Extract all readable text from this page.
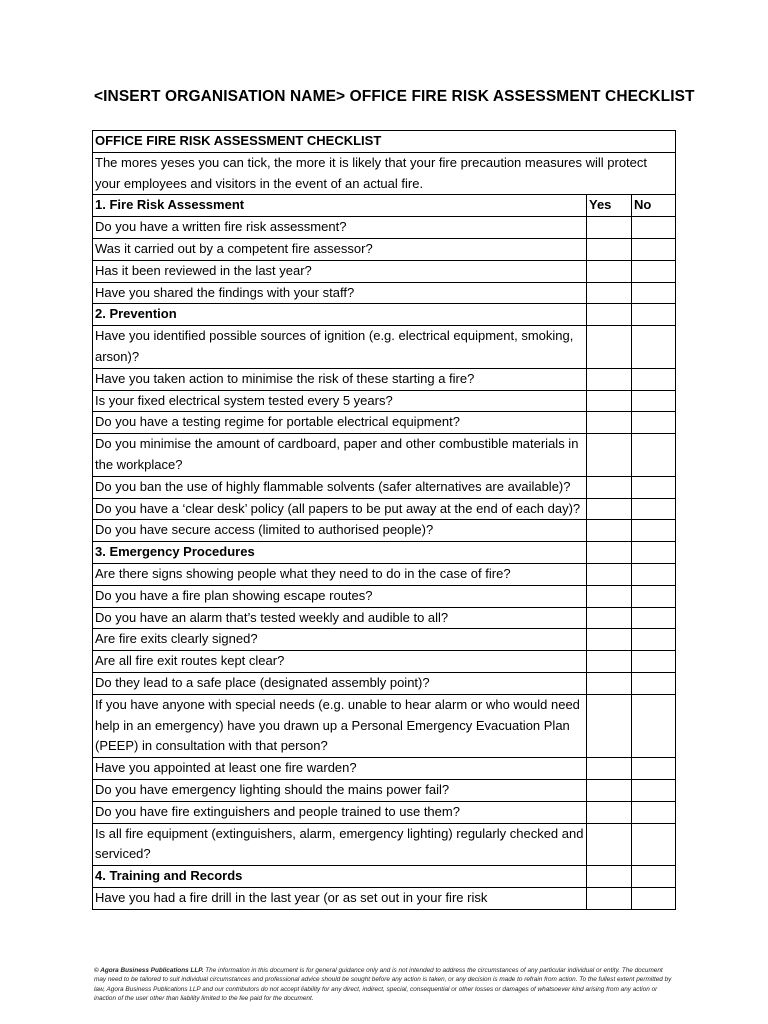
<INSERT ORGANISATION NAME> OFFICE FIRE RISK ASSESSMENT CHECKLIST
OFFICE FIRE RISK ASSESSMENT CHECKLIST		
The mores yeses you can tick, the more it is likely that your fire precaution measures will protect your employees and visitors in the event of an actual fire.		
1. Fire Risk Assessment	Yes	No
Do you have a written fire risk assessment?		
Was it carried out by a competent fire assessor?		
Has it been reviewed in the last year?		
Have you shared the findings with your staff?		
2. Prevention		
Have you identified possible sources of ignition (e.g. electrical equipment, smoking, arson)?		
Have you taken action to minimise the risk of these starting a fire?		
Is your fixed electrical system tested every 5 years?		
Do you have a testing regime for portable electrical equipment?		
Do you minimise the amount of cardboard, paper and other combustible materials in the workplace?		
Do you ban the use of highly flammable solvents (safer alternatives are available)?		
Do you have a ‘clear desk’ policy (all papers to be put away at the end of each day)?		
Do you have secure access (limited to authorised people)?		
3. Emergency Procedures		
Are there signs showing people what they need to do in the case of fire?		
Do you have a fire plan showing escape routes?		
Do you have an alarm that’s tested weekly and audible to all?		
Are fire exits clearly signed?		
Are all fire exit routes kept clear?		
Do they lead to a safe place (designated assembly point)?		
If you have anyone with special needs (e.g. unable to hear alarm or who would need help in an emergency) have you drawn up a Personal Emergency Evacuation Plan (PEEP) in consultation with that person?		
Have you appointed at least one fire warden?		
Do you have emergency lighting should the mains power fail?		
Do you have fire extinguishers and people trained to use them?		
Is all fire equipment (extinguishers, alarm, emergency lighting) regularly checked and serviced?		
4. Training and Records		
Have you had a fire drill in the last year (or as set out in your fire risk		

© Agora Business Publications LLP. The information in this document is for general guidance only and is not intended to address the circumstances of any particular individual or entity. The document may need to be tailored to suit individual circumstances and professional advice should be sought before any action is taken, or any decision is made to refrain from action. To the fullest extent permitted by law, Agora Business Publications LLP and our contributors do not accept liability for any direct, indirect, special, consequential or other losses or damages of whatsoever kind arising from any action or inaction of the user other than liability limited to the fee paid for the document.
